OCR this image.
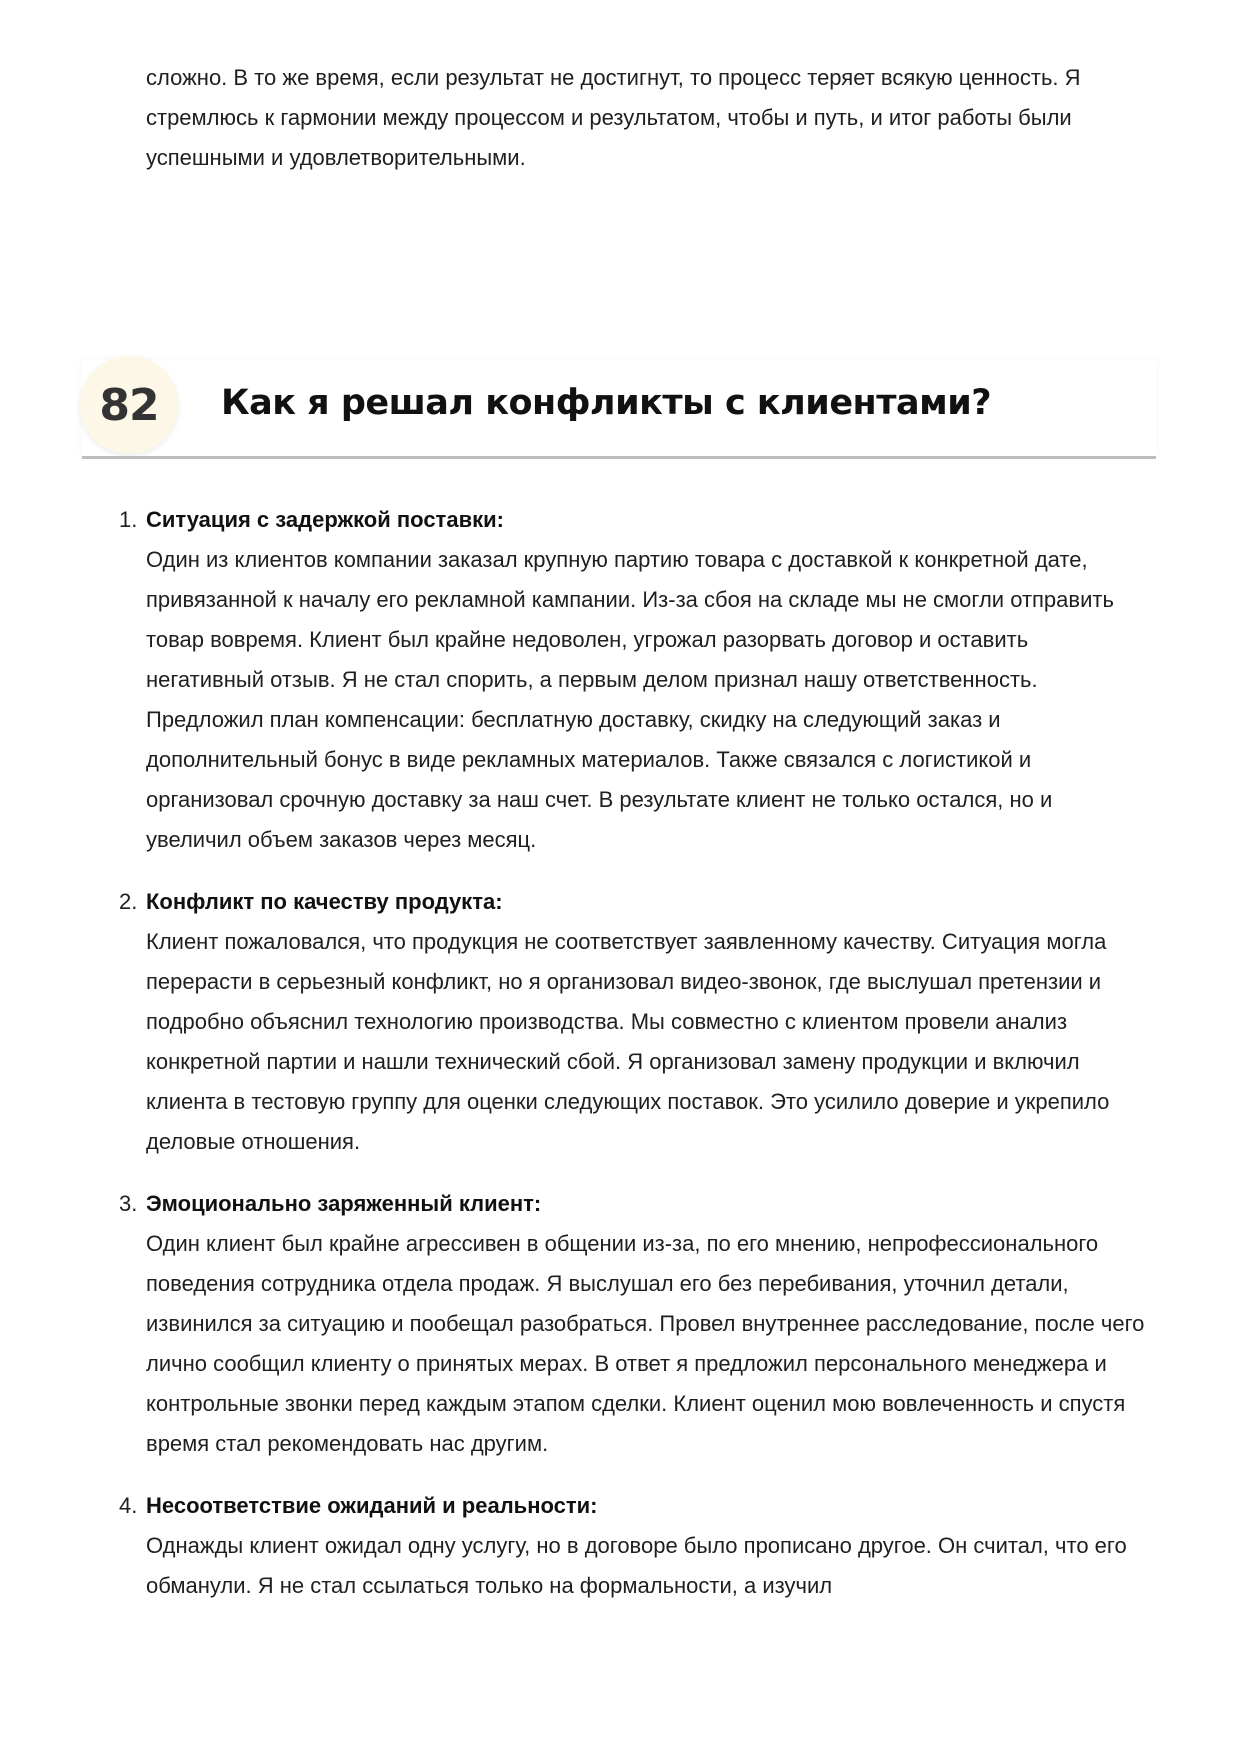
сложно. В то же время, если результат не достигнут, то процесс теряет всякую ценность. Я стремлюсь к гармонии между процессом и результатом, чтобы и путь, и итог работы были успешными и удовлетворительными.

82	Как я решал конфликты с клиентами?
1. Ситуация с задержкой поставки:

Один из клиентов компании заказал крупную партию товара с доставкой к конкретной дате, привязанной к началу его рекламной кампании. Из-за сбоя на складе мы не смогли отправить товар вовремя. Клиент был крайне недоволен, угрожал разорвать договор и оставить негативный отзыв. Я не стал спорить, а первым делом признал нашу ответственность. Предложил план компенсации: бесплатную доставку, скидку на следующий заказ и дополнительный бонус в виде рекламных материалов. Также связался с логистикой и организовал срочную доставку за наш счет. В результате клиент не только остался, но и увеличил объем заказов через месяц.

2. Конфликт по качеству продукта:

Клиент пожаловался, что продукция не соответствует заявленному качеству. Ситуация могла перерасти в серьезный конфликт, но я организовал видео-звонок, где выслушал претензии и подробно объяснил технологию производства. Мы совместно с клиентом провели анализ конкретной партии и нашли технический сбой. Я организовал замену продукции и включил клиента в тестовую группу для оценки следующих поставок. Это усилило доверие и укрепило деловые отношения.

3. Эмоционально заряженный клиент:

Один клиент был крайне агрессивен в общении из-за, по его мнению, непрофессионального поведения сотрудника отдела продаж. Я выслушал его без перебивания, уточнил детали, извинился за ситуацию и пообещал разобраться. Провел внутреннее расследование, после чего лично сообщил клиенту о принятых мерах. В ответ я предложил персонального менеджера и контрольные звонки перед каждым этапом сделки. Клиент оценил мою вовлеченность и спустя время стал рекомендовать нас другим.

4. Несоответствие ожиданий и реальности:

Однажды клиент ожидал одну услугу, но в договоре было прописано другое. Он считал, что его обманули. Я не стал ссылаться только на формальности, а изучил
